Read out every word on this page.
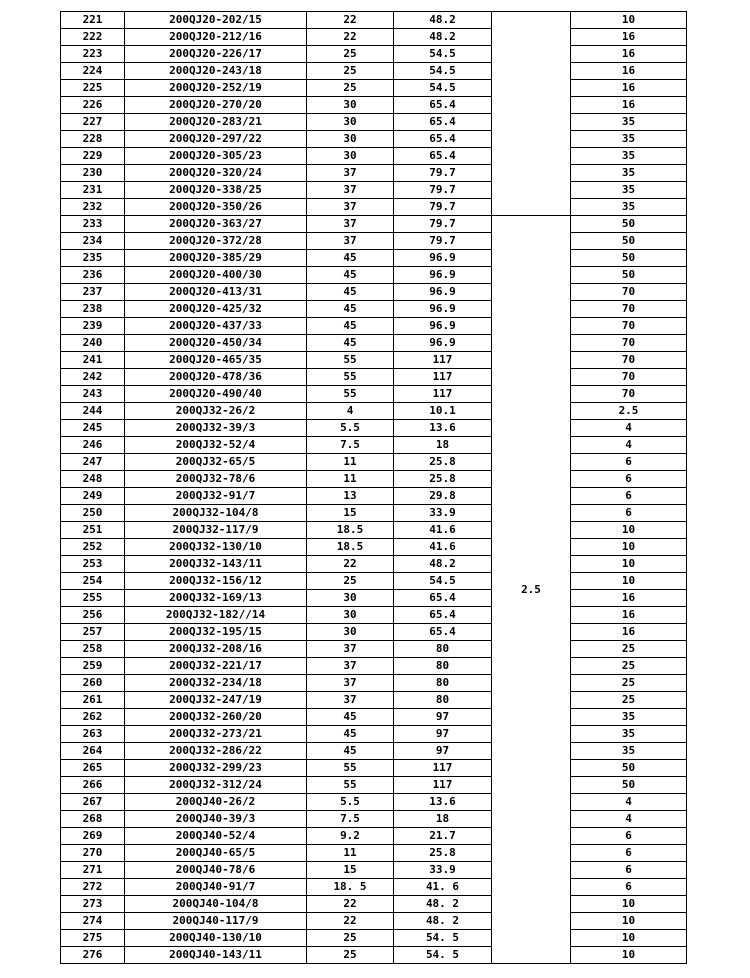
221	200QJ20-202/15	22	48.2		10
222	200QJ20-212/16	22	48.2		16
223	200QJ20-226/17	25	54.5		16
224	200QJ20-243/18	25	54.5		16
225	200QJ20-252/19	25	54.5		16
226	200QJ20-270/20	30	65.4		16
227	200QJ20-283/21	30	65.4		35
228	200QJ20-297/22	30	65.4		35
229	200QJ20-305/23	30	65.4		35
230	200QJ20-320/24	37	79.7		35
231	200QJ20-338/25	37	79.7		35
232	200QJ20-350/26	37	79.7		35
233	200QJ20-363/27	37	79.7	2.5	50
234	200QJ20-372/28	37	79.7		50
235	200QJ20-385/29	45	96.9		50
236	200QJ20-400/30	45	96.9		50
237	200QJ20-413/31	45	96.9		70
238	200QJ20-425/32	45	96.9		70
239	200QJ20-437/33	45	96.9		70
240	200QJ20-450/34	45	96.9		70
241	200QJ20-465/35	55	117		70
242	200QJ20-478/36	55	117		70
243	200QJ20-490/40	55	117		70
244	200QJ32-26/2	4	10.1		2.5
245	200QJ32-39/3	5.5	13.6		4
246	200QJ32-52/4	7.5	18		4
247	200QJ32-65/5	11	25.8		6
248	200QJ32-78/6	11	25.8		6
249	200QJ32-91/7	13	29.8		6
250	200QJ32-104/8	15	33.9		6
251	200QJ32-117/9	18.5	41.6		10
252	200QJ32-130/10	18.5	41.6		10
253	200QJ32-143/11	22	48.2		10
254	200QJ32-156/12	25	54.5		10
255	200QJ32-169/13	30	65.4		16
256	200QJ32-182//14	30	65.4		16
257	200QJ32-195/15	30	65.4		16
258	200QJ32-208/16	37	80		25
259	200QJ32-221/17	37	80		25
260	200QJ32-234/18	37	80		25
261	200QJ32-247/19	37	80		25
262	200QJ32-260/20	45	97		35
263	200QJ32-273/21	45	97		35
264	200QJ32-286/22	45	97		35
265	200QJ32-299/23	55	117		50
266	200QJ32-312/24	55	117		50
267	200QJ40-26/2	5.5	13.6		4
268	200QJ40-39/3	7.5	18		4
269	200QJ40-52/4	9.2	21.7		6
270	200QJ40-65/5	11	25.8		6
271	200QJ40-78/6	15	33.9		6
272	200QJ40-91/7	18. 5	41. 6		6
273	200QJ40-104/8	22	48. 2		10
274	200QJ40-117/9	22	48. 2		10
275	200QJ40-130/10	25	54. 5		10
276	200QJ40-143/11	25	54. 5		10
